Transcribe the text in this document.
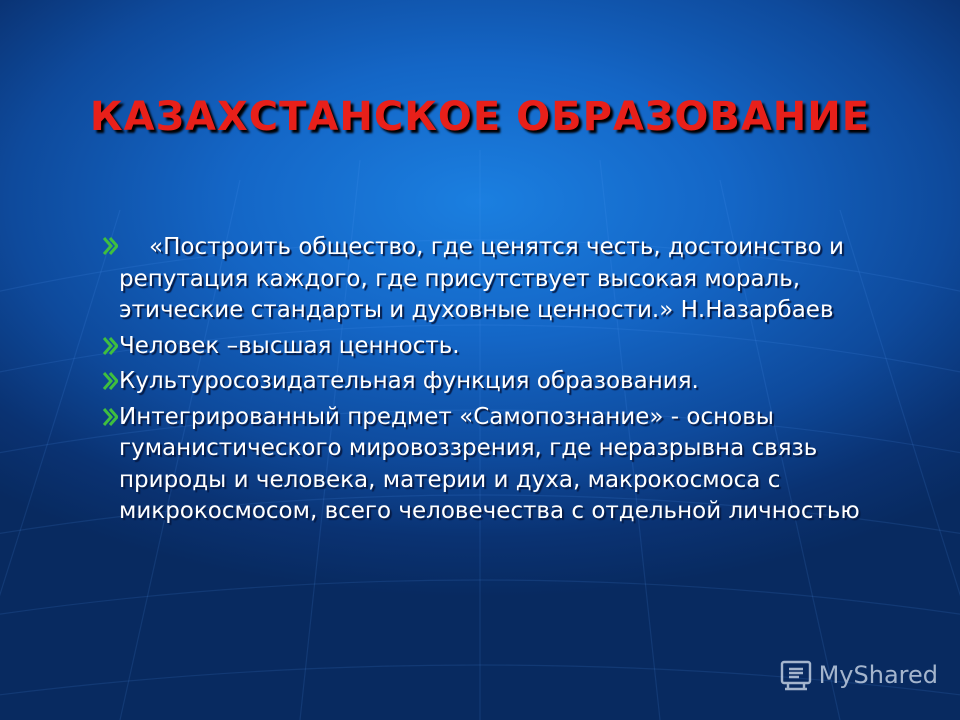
КАЗАХСТАНСКОЕ ОБРАЗОВАНИЕ
«Построить общество, где ценятся честь, достоинство и репутация каждого, где присутствует высокая мораль, этические стандарты и духовные ценности.» Н.Назарбаев
Человек –высшая ценность.
Культуросозидательная функция образования.
Интегрированный предмет «Самопознание» - основы гуманистического мировоззрения, где неразрывна связь природы и человека, материи и духа, макрокосмоса с микрокосмосом, всего человечества с отдельной личностью
MyShared
